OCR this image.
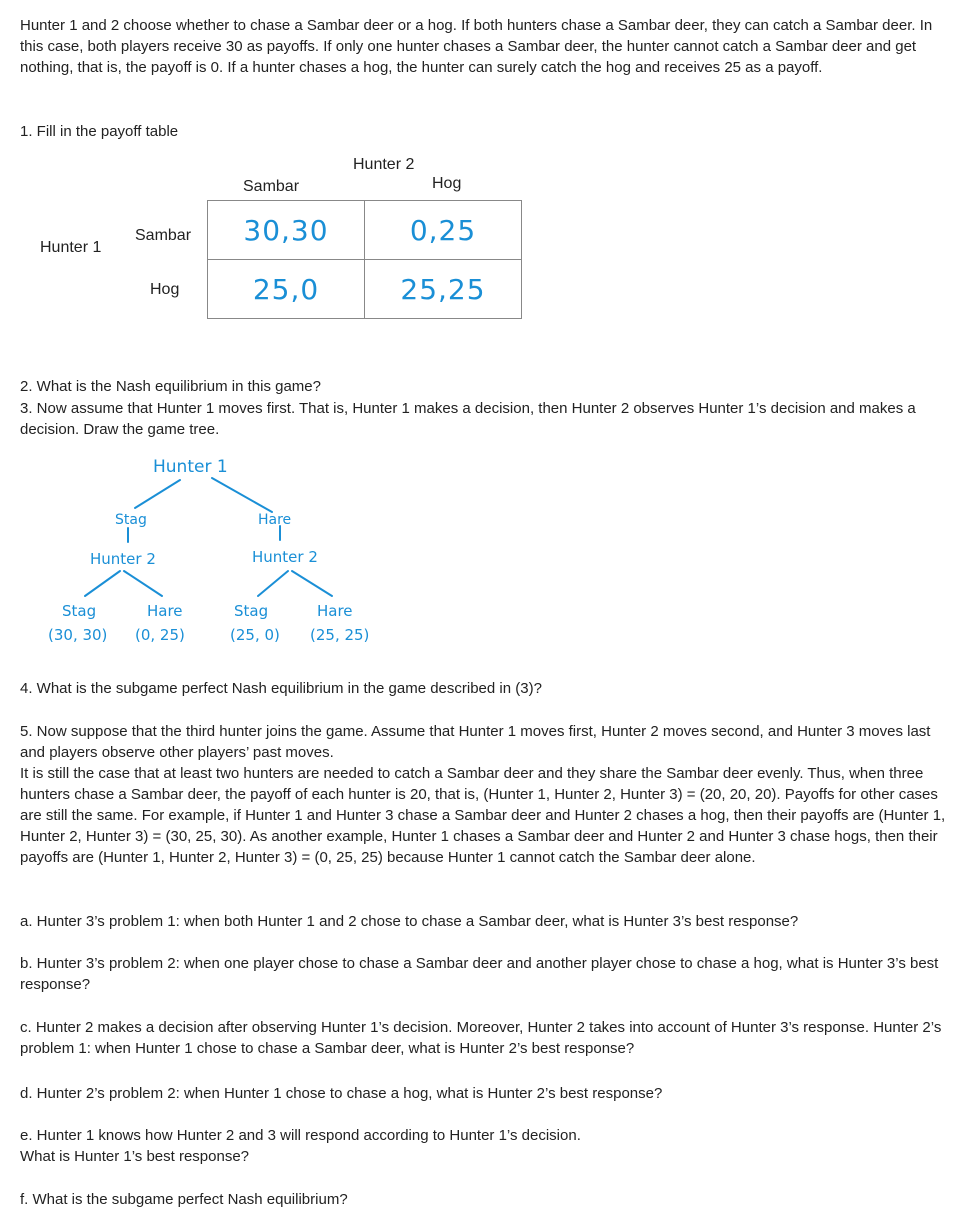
Hunter 1 and 2 choose whether to chase a Sambar deer or a hog. If both hunters chase a Sambar deer, they can catch a Sambar deer. In this case, both players receive 30 as payoffs. If only one hunter chases a Sambar deer, the hunter cannot catch a Sambar deer and get nothing, that is, the payoff is 0. If a hunter chases a hog, the hunter can surely catch the hog and receives 25 as a payoff.

1. Fill in the payoff table

Hunter 2
Sambar	Hog
Hunter 1
Sambar
Hog
30,30	0,25
25,0	25,25

2. What is the Nash equilibrium in this game?

3. Now assume that Hunter 1 moves first. That is, Hunter 1 makes a decision, then Hunter 2 observes Hunter 1’s decision and makes a decision. Draw the game tree.

Hunter 1
Stag	Hare
Hunter 2	Hunter 2
Stag	Hare	Stag	Hare
(30, 30) (0, 25)	(25, 0) (25, 25)

4. What is the subgame perfect Nash equilibrium in the game described in (3)?

5. Now suppose that the third hunter joins the game. Assume that Hunter 1 moves first, Hunter 2 moves second, and Hunter 3 moves last and players observe other players’ past moves.

It is still the case that at least two hunters are needed to catch a Sambar deer and they share the Sambar deer evenly. Thus, when three hunters chase a Sambar deer, the payoff of each hunter is 20, that is, (Hunter 1, Hunter 2, Hunter 3) = (20, 20, 20). Payoffs for other cases are still the same. For example, if Hunter 1 and Hunter 3 chase a Sambar deer and Hunter 2 chases a hog, then their payoffs are (Hunter 1, Hunter 2, Hunter 3) = (30, 25, 30). As another example, Hunter 1 chases a Sambar deer and Hunter 2 and Hunter 3 chase hogs, then their payoffs are (Hunter 1, Hunter 2, Hunter 3) = (0, 25, 25) because Hunter 1 cannot catch the Sambar deer alone.

a. Hunter 3’s problem 1: when both Hunter 1 and 2 chose to chase a Sambar deer, what is Hunter 3’s best response?

b. Hunter 3’s problem 2: when one player chose to chase a Sambar deer and another player chose to chase a hog, what is Hunter 3’s best response?

c. Hunter 2 makes a decision after observing Hunter 1’s decision. Moreover, Hunter 2 takes into account of Hunter 3’s response. Hunter 2’s problem 1: when Hunter 1 chose to chase a Sambar deer, what is Hunter 2’s best response?

d. Hunter 2’s problem 2: when Hunter 1 chose to chase a hog, what is Hunter 2’s best response?

e. Hunter 1 knows how Hunter 2 and 3 will respond according to Hunter 1’s decision.

What is Hunter 1’s best response?

f. What is the subgame perfect Nash equilibrium?
